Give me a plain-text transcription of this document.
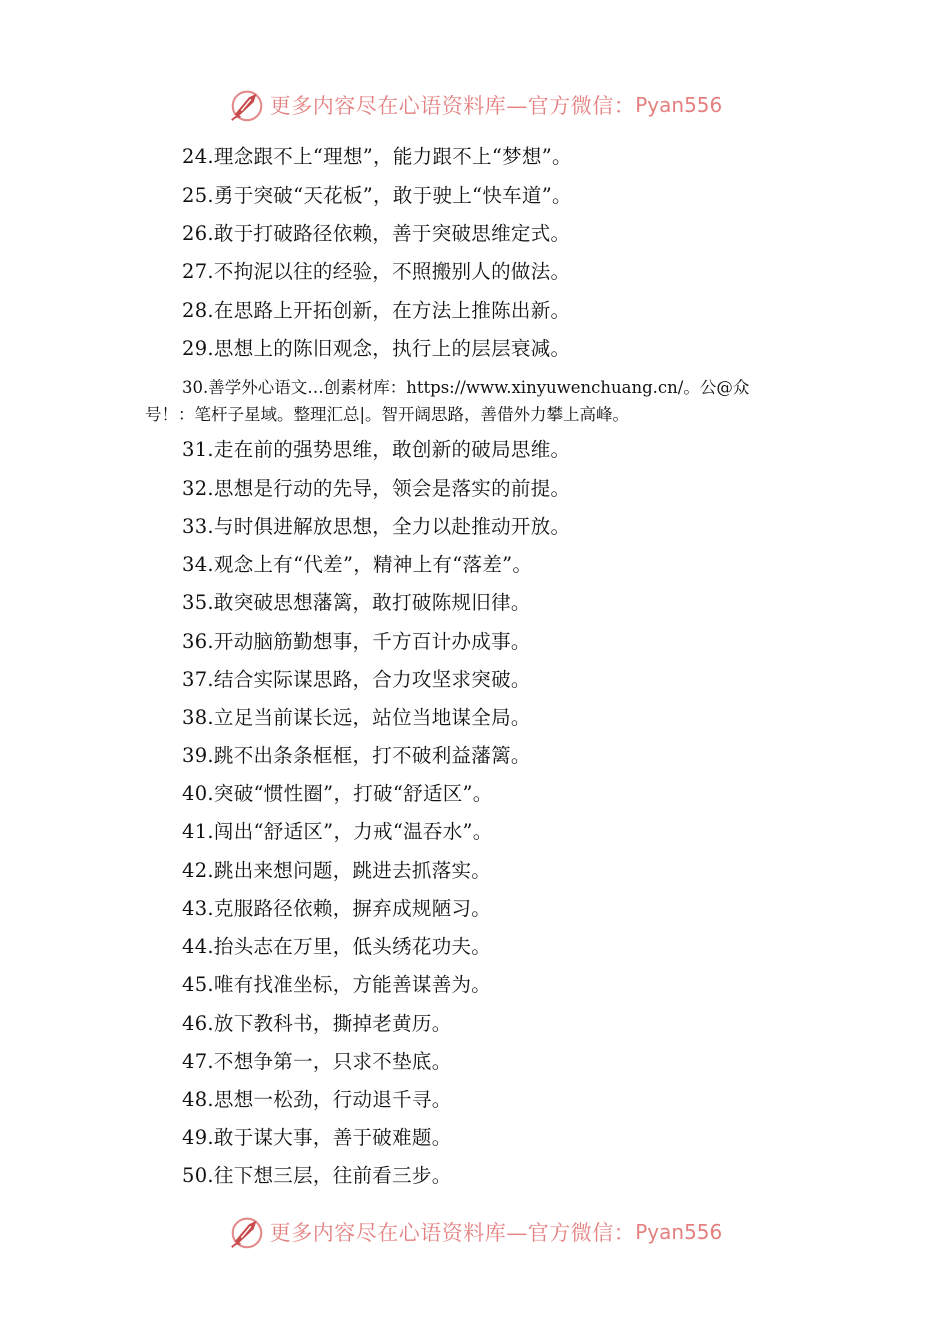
更多内容尽在心语资料库—官方微信： Pyan556
24.理念跟不上“理想”，能力跟不上“梦想”。
25.勇于突破“天花板”，敢于驶上“快车道”。
26.敢于打破路径依赖，善于突破思维定式。
27.不拘泥以往的经验，不照搬别人的做法。
28.在思路上开拓创新，在方法上推陈出新。
29.思想上的陈旧观念，执行上的层层衰减。
30.善学外心语文…创素材库：https://www.xinyuwenchuang.cn/。公@众
号！：笔杆子星域。整理汇总|。智开阔思路，善借外力攀上高峰。
31.走在前的强势思维，敢创新的破局思维。
32.思想是行动的先导，领会是落实的前提。
33.与时俱进解放思想，全力以赴推动开放。
34.观念上有“代差”，精神上有“落差”。
35.敢突破思想藩篱，敢打破陈规旧律。
36.开动脑筋勤想事，千方百计办成事。
37.结合实际谋思路，合力攻坚求突破。
38.立足当前谋长远，站位当地谋全局。
39.跳不出条条框框，打不破利益藩篱。
40.突破“惯性圈”，打破“舒适区”。
41.闯出“舒适区”，力戒“温吞水”。
42.跳出来想问题，跳进去抓落实。
43.克服路径依赖，摒弃成规陋习。
44.抬头志在万里，低头绣花功夫。
45.唯有找准坐标，方能善谋善为。
46.放下教科书，撕掉老黄历。
47.不想争第一，只求不垫底。
48.思想一松劲，行动退千寻。
49.敢于谋大事，善于破难题。
50.往下想三层，往前看三步。
更多内容尽在心语资料库—官方微信： Pyan556
